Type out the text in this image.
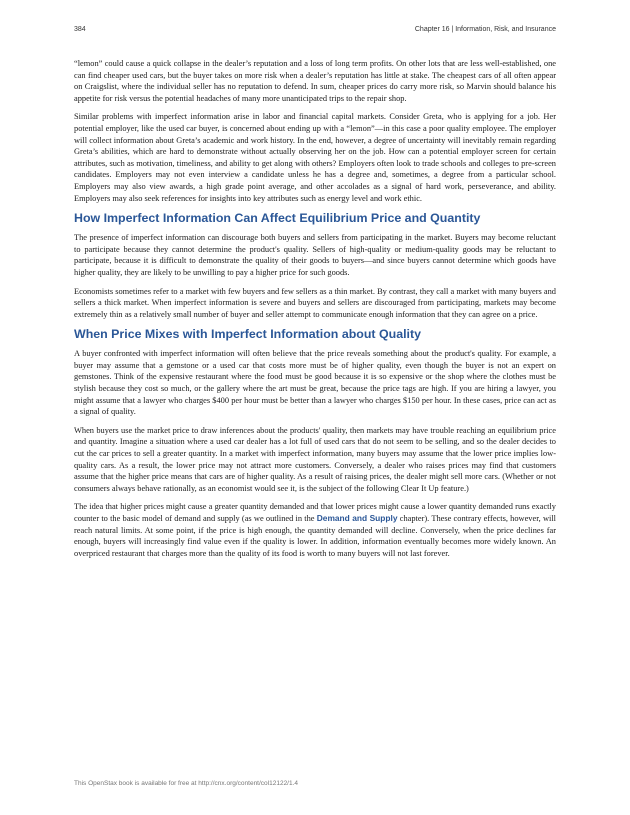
384	Chapter 16 | Information, Risk, and Insurance

“lemon” could cause a quick collapse in the dealer’s reputation and a loss of long term profits. On other lots that are less well-established, one can find cheaper used cars, but the buyer takes on more risk when a dealer’s reputation has little at stake. The cheapest cars of all often appear on Craigslist, where the individual seller has no reputation to defend. In sum, cheaper prices do carry more risk, so Marvin should balance his appetite for risk versus the potential headaches of many more unanticipated trips to the repair shop.

Similar problems with imperfect information arise in labor and financial capital markets. Consider Greta, who is applying for a job. Her potential employer, like the used car buyer, is concerned about ending up with a “lemon”—in this case a poor quality employee. The employer will collect information about Greta’s academic and work history. In the end, however, a degree of uncertainty will inevitably remain regarding Greta’s abilities, which are hard to demonstrate without actually observing her on the job. How can a potential employer screen for certain attributes, such as motivation, timeliness, and ability to get along with others? Employers often look to trade schools and colleges to pre-screen candidates. Employers may not even interview a candidate unless he has a degree and, sometimes, a degree from a particular school. Employers may also view awards, a high grade point average, and other accolades as a signal of hard work, perseverance, and ability. Employers may also seek references for insights into key attributes such as energy level and work ethic.

How Imperfect Information Can Affect Equilibrium Price and Quantity

The presence of imperfect information can discourage both buyers and sellers from participating in the market. Buyers may become reluctant to participate because they cannot determine the product's quality. Sellers of high-quality or medium-quality goods may be reluctant to participate, because it is difficult to demonstrate the quality of their goods to buyers—and since buyers cannot determine which goods have higher quality, they are likely to be unwilling to pay a higher price for such goods.

Economists sometimes refer to a market with few buyers and few sellers as a thin market. By contrast, they call a market with many buyers and sellers a thick market. When imperfect information is severe and buyers and sellers are discouraged from participating, markets may become extremely thin as a relatively small number of buyer and seller attempt to communicate enough information that they can agree on a price.

When Price Mixes with Imperfect Information about Quality

A buyer confronted with imperfect information will often believe that the price reveals something about the product's quality. For example, a buyer may assume that a gemstone or a used car that costs more must be of higher quality, even though the buyer is not an expert on gemstones. Think of the expensive restaurant where the food must be good because it is so expensive or the shop where the clothes must be stylish because they cost so much, or the gallery where the art must be great, because the price tags are high. If you are hiring a lawyer, you might assume that a lawyer who charges $400 per hour must be better than a lawyer who charges $150 per hour. In these cases, price can act as a signal of quality.

When buyers use the market price to draw inferences about the products' quality, then markets may have trouble reaching an equilibrium price and quantity. Imagine a situation where a used car dealer has a lot full of used cars that do not seem to be selling, and so the dealer decides to cut the car prices to sell a greater quantity. In a market with imperfect information, many buyers may assume that the lower price implies low-quality cars. As a result, the lower price may not attract more customers. Conversely, a dealer who raises prices may find that customers assume that the higher price means that cars are of higher quality. As a result of raising prices, the dealer might sell more cars. (Whether or not consumers always behave rationally, as an economist would see it, is the subject of the following Clear It Up feature.)

The idea that higher prices might cause a greater quantity demanded and that lower prices might cause a lower quantity demanded runs exactly counter to the basic model of demand and supply (as we outlined in the Demand and Supply chapter). These contrary effects, however, will reach natural limits. At some point, if the price is high enough, the quantity demanded will decline. Conversely, when the price declines far enough, buyers will increasingly find value even if the quality is lower. In addition, information eventually becomes more widely known. An overpriced restaurant that charges more than the quality of its food is worth to many buyers will not last forever.

This OpenStax book is available for free at http://cnx.org/content/col12122/1.4
